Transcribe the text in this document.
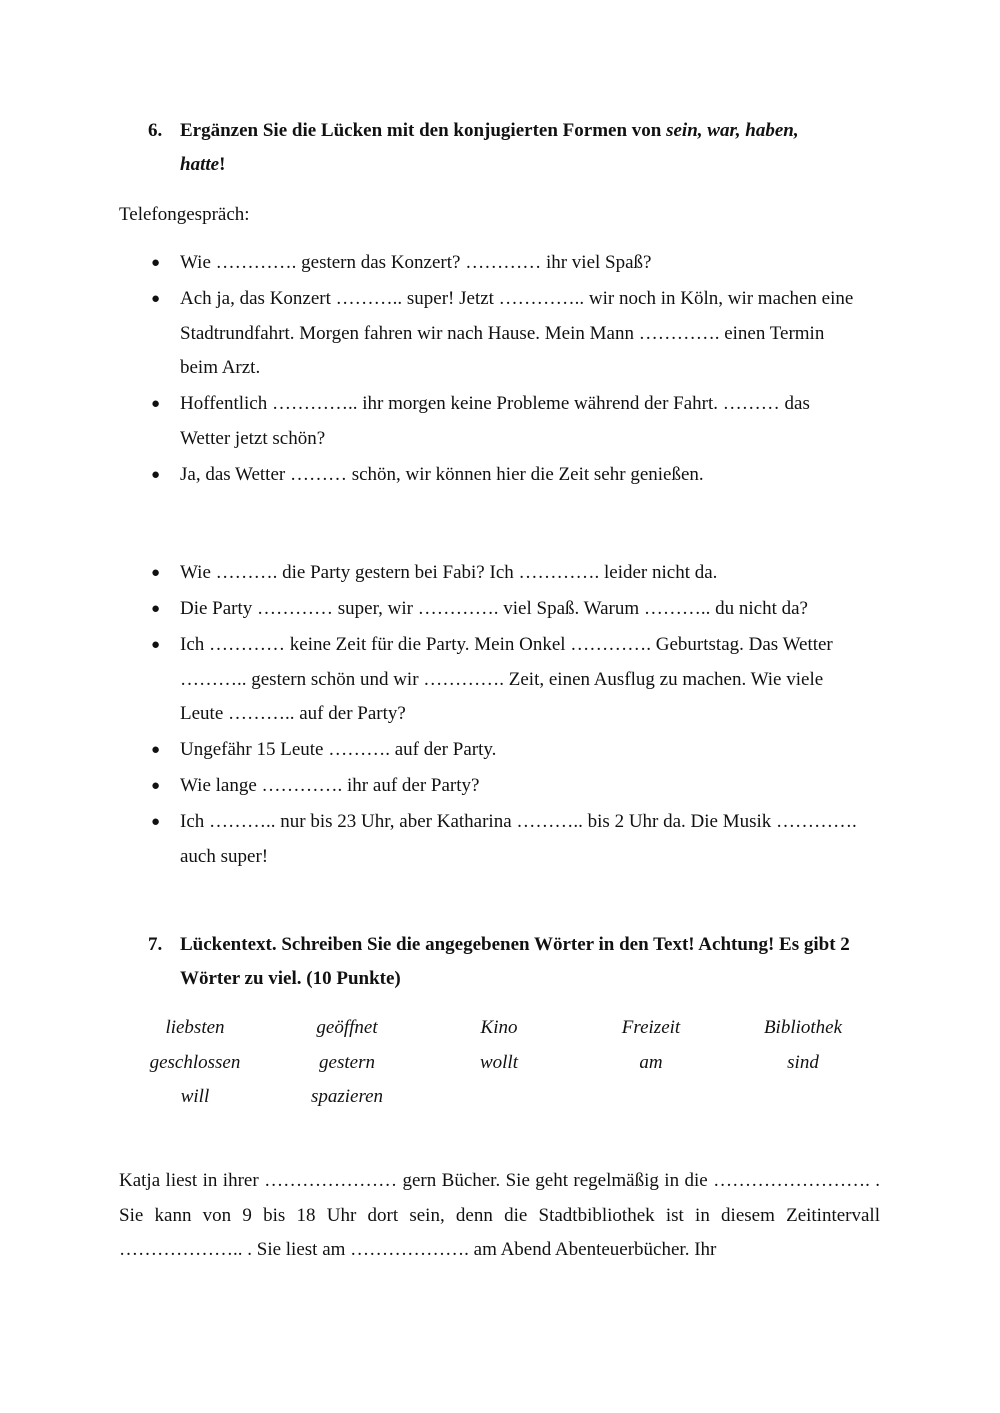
6. Ergänzen Sie die Lücken mit den konjugierten Formen von sein, war, haben,
hatte!
Telefongespräch:
● Wie …………. gestern das Konzert? ………… ihr viel Spaß?
● Ach ja, das Konzert ……….. super! Jetzt ………….. wir noch in Köln, wir machen eine Stadtrundfahrt. Morgen fahren wir nach Hause. Mein Mann …………. einen Termin beim Arzt.
● Hoffentlich ………….. ihr morgen keine Probleme während der Fahrt. ……… das Wetter jetzt schön?
● Ja, das Wetter ……… schön, wir können hier die Zeit sehr genießen.
● Wie ………. die Party gestern bei Fabi? Ich …………. leider nicht da.
● Die Party ………… super, wir …………. viel Spaß. Warum ……….. du nicht da?
● Ich ………… keine Zeit für die Party. Mein Onkel …………. Geburtstag. Das Wetter ……….. gestern schön und wir …………. Zeit, einen Ausflug zu machen. Wie viele Leute ……….. auf der Party?
● Ungefähr 15 Leute ………. auf der Party.
● Wie lange …………. ihr auf der Party?
● Ich ……….. nur bis 23 Uhr, aber Katharina ……….. bis 2 Uhr da. Die Musik …………. auch super!
7. Lückentext. Schreiben Sie die angegebenen Wörter in den Text! Achtung! Es gibt 2 Wörter zu viel. (10 Punkte)
liebsten	geöffnet	Kino	Freizeit	Bibliothek
geschlossen	gestern	wollt	am	sind
will	spazieren
Katja liest in ihrer ………………… gern Bücher. Sie geht regelmäßig in die ……………………. . Sie kann von 9 bis 18 Uhr dort sein, denn die Stadtbibliothek ist in diesem Zeitintervall ……………….. . Sie liest am ………………. am Abend Abenteuerbücher. Ihr
